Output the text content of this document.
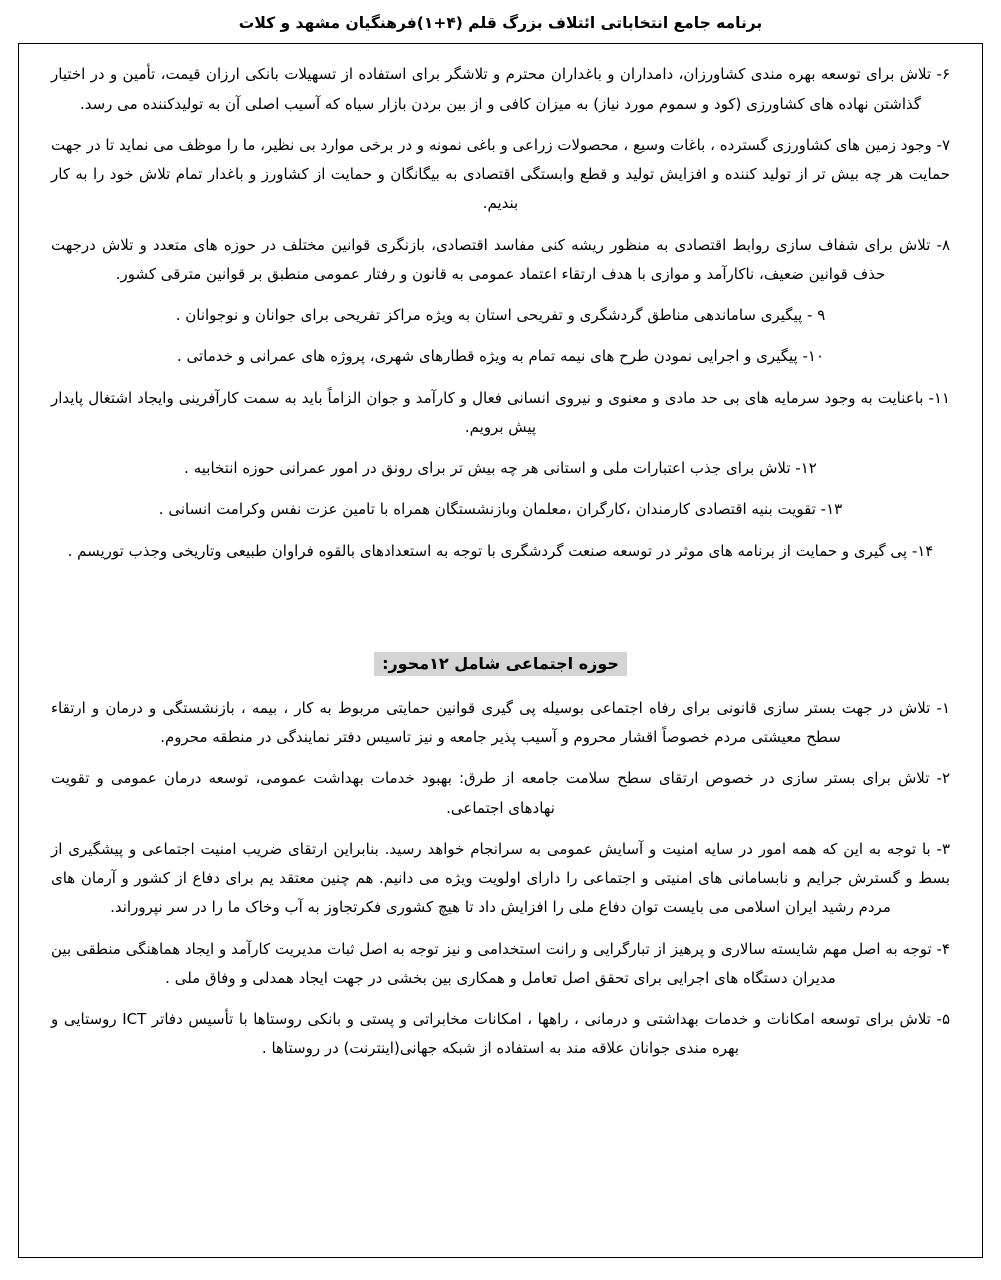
برنامه جامع انتخاباتی ائتلاف بزرگ قلم (۴+۱)فرهنگیان مشهد و کلات

۶- تلاش برای توسعه بهره مندی کشاورزان، دامداران و باغداران محترم و تلاشگر برای استفاده از تسهیلات بانکی ارزان قیمت، تأمین و در اختیار گذاشتن نهاده های کشاورزی (کود و سموم مورد نیاز) به میزان کافی و از بین بردن بازار سیاه که آسیب اصلی آن به تولیدکننده می رسد.

۷- وجود زمین های کشاورزی گسترده ، باغات وسیع ، محصولات زراعی و باغی نمونه و در برخی موارد بی نظیر، ما را موظف می نماید تا در جهت حمایت هر چه بیش تر از تولید کننده و افزایش تولید و قطع وابستگی اقتصادی به بیگانگان و حمایت از کشاورز و باغدار تمام تلاش خود را به کار بندیم.

۸- تلاش برای شفاف سازی روابط اقتصادی به منظور ریشه کنی مفاسد اقتصادی، بازنگری قوانین مختلف در حوزه های متعدد و تلاش درجهت حذف قوانین ضعیف، ناکارآمد و موازی با هدف ارتقاء اعتماد عمومی به قانون و رفتار عمومی منطبق بر قوانین مترقی کشور.

۹ - پیگیری ساماندهی مناطق گردشگری و تفریحی استان به ویژه مراکز تفریحی برای جوانان و نوجوانان .

۱۰- پیگیری و اجرایی نمودن طرح های نیمه تمام به ویژه قطارهای شهری، پروژه های عمرانی و خدماتی .

۱۱- باعنایت به وجود سرمایه های بی حد مادی و معنوی و نیروی انسانی فعال و کارآمد و جوان الزاماً باید به سمت کارآفرینی وایجاد اشتغال پایدار پیش برویم.

۱۲- تلاش برای جذب اعتبارات ملی و استانی هر چه بیش تر برای رونق در امور عمرانی حوزه انتخابیه .

۱۳- تقویت بنیه اقتصادی کارمندان ،کارگران ،معلمان وبازنشستگان همراه با تامین عزت نفس وکرامت انسانی .

۱۴- پی گیری و حمایت از برنامه های موثر در توسعه صنعت گردشگری با توجه به استعدادهای بالقوه فراوان طبیعی وتاریخی وجذب توریسم .

حوزه اجتماعی شامل ۱۲محور:

۱- تلاش در جهت بستر سازی قانونی برای رفاه اجتماعی بوسیله پی گیری قوانین حمایتی مربوط به کار ، بیمه ، بازنشستگی و درمان و ارتقاء سطح معیشتی مردم خصوصاً اقشار محروم و آسیب پذیر جامعه و نیز تاسیس دفتر نمایندگی در منطقه محروم.

۲- تلاش برای بستر سازی در خصوص ارتقای سطح سلامت جامعه از طرق: بهبود خدمات بهداشت عمومی، توسعه درمان عمومی و تقویت نهادهای اجتماعی.

۳- با توجه به این که همه امور در سایه امنیت و آسایش عمومی به سرانجام خواهد رسید. بنابراین ارتقای ضریب امنیت اجتماعی و پیشگیری از بسط و گسترش جرایم و نابسامانی های امنیتی و اجتماعی را دارای اولویت ویژه می دانیم. هم چنین معتقد یم برای دفاع از کشور و آرمان های مردم رشید ایران اسلامی می بایست توان دفاع ملی را افزایش داد تا هیچ کشوری فکرتجاوز به آب وخاک ما را در سر نپروراند.

۴- توجه به اصل مهم شایسته سالاری و پرهیز از تبارگرایی و رانت استخدامی و نیز توجه به اصل ثبات مدیریت کارآمد و ایجاد هماهنگی منطقی بین مدیران دستگاه های اجرایی برای تحقق اصل تعامل و همکاری بین بخشی در جهت ایجاد همدلی و وفاق ملی .

۵- تلاش برای توسعه امکانات و خدمات بهداشتی و درمانی ، راهها ، امکانات مخابراتی و پستی و بانکی روستاها با تأسیس دفاتر ICT روستایی و بهره مندی جوانان علاقه مند به استفاده از شبکه جهانی(اینترنت) در روستاها .
